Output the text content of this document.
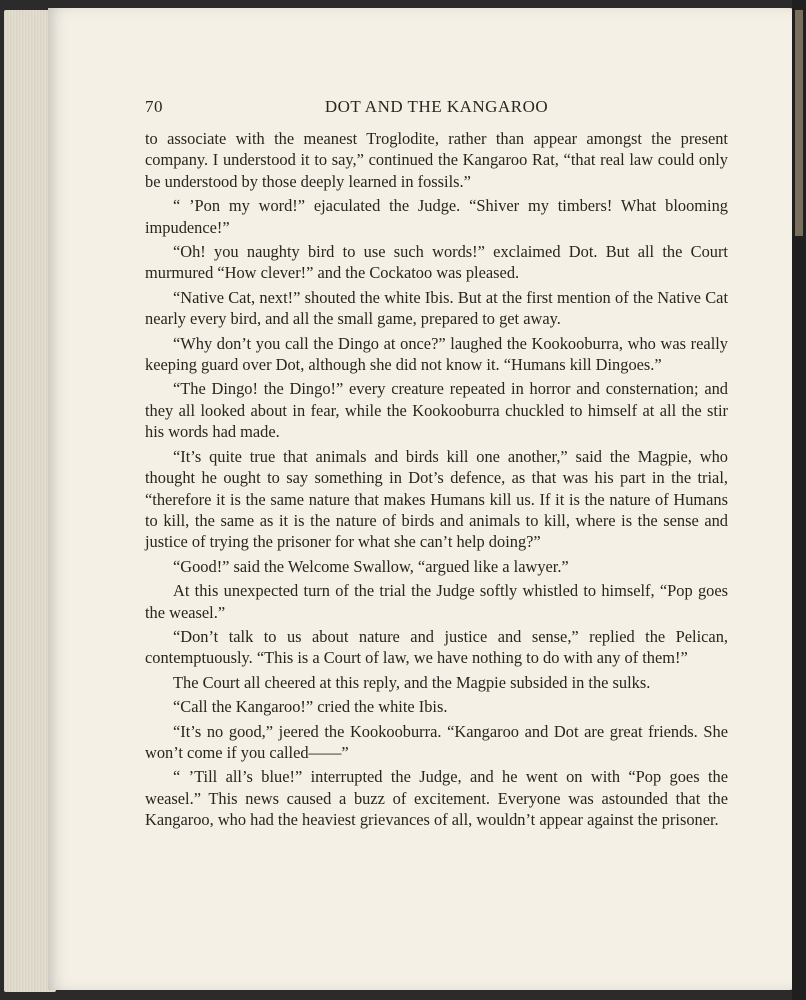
70	DOT AND THE KANGAROO

to associate with the meanest Troglodite, rather than appear amongst the present company. I understood it to say,” continued the Kangaroo Rat, “that real law could only be understood by those deeply learned in fossils.”

“ ’Pon my word!” ejaculated the Judge. “Shiver my timbers! What blooming impudence!”

“Oh! you naughty bird to use such words!” exclaimed Dot. But all the Court murmured “How clever!” and the Cockatoo was pleased.

“Native Cat, next!” shouted the white Ibis. But at the first mention of the Native Cat nearly every bird, and all the small game, prepared to get away.

“Why don’t you call the Dingo at once?” laughed the Kookooburra, who was really keeping guard over Dot, although she did not know it. “Humans kill Dingoes.”

“The Dingo! the Dingo!” every creature repeated in horror and consternation; and they all looked about in fear, while the Kookooburra chuckled to himself at all the stir his words had made.

“It’s quite true that animals and birds kill one another,” said the Magpie, who thought he ought to say something in Dot’s defence, as that was his part in the trial, “therefore it is the same nature that makes Humans kill us. If it is the nature of Humans to kill, the same as it is the nature of birds and animals to kill, where is the sense and justice of trying the prisoner for what she can’t help doing?”

“Good!” said the Welcome Swallow, “argued like a lawyer.”

At this unexpected turn of the trial the Judge softly whistled to himself, “Pop goes the weasel.”

“Don’t talk to us about nature and justice and sense,” replied the Pelican, contemptuously. “This is a Court of law, we have nothing to do with any of them!”

The Court all cheered at this reply, and the Magpie subsided in the sulks.

“Call the Kangaroo!” cried the white Ibis.

“It’s no good,” jeered the Kookooburra. “Kangaroo and Dot are great friends. She won’t come if you called——”

“ ’Till all’s blue!” interrupted the Judge, and he went on with “Pop goes the weasel.” This news caused a buzz of excitement. Everyone was astounded that the Kangaroo, who had the heaviest grievances of all, wouldn’t appear against the prisoner.
